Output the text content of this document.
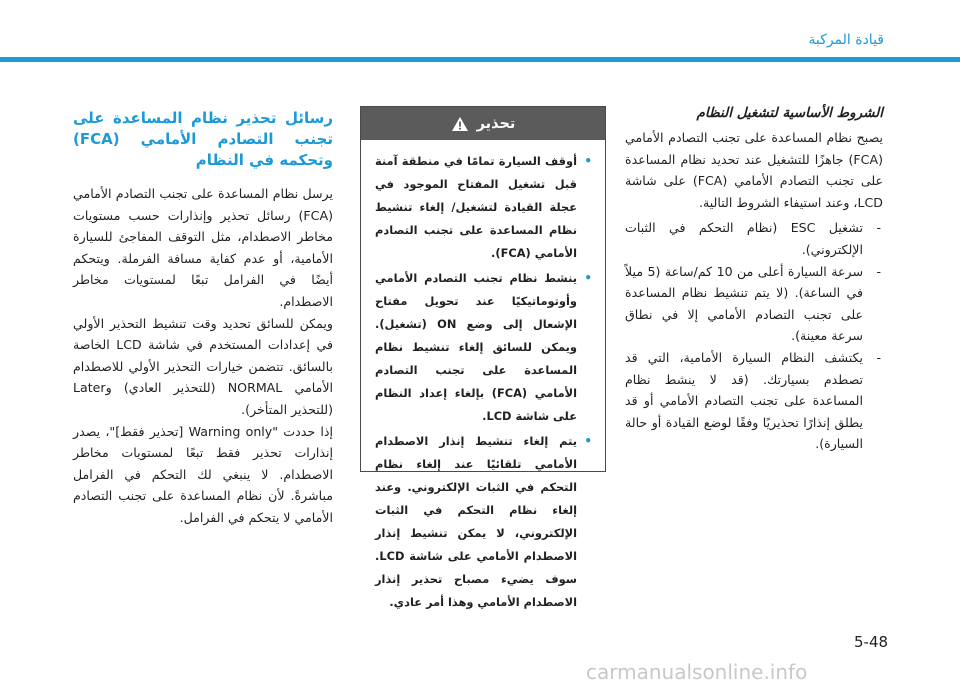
قيادة المركبة
الشروط الأساسية لتشغيل النظام

يصبح نظام المساعدة على تجنب التصادم الأمامي (FCA) جاهزًا للتشغيل عند تحديد نظام المساعدة على تجنب التصادم الأمامي (FCA) على شاشة LCD، وعند استيفاء الشروط التالية.

-
تشغيل ESC (نظام التحكم في الثبات الإلكتروني).
-
سرعة السيارة أعلى من 10 كم/ساعة (5 ميلاً في الساعة). (لا يتم تنشيط نظام المساعدة على تجنب التصادم الأمامي إلا في نطاق سرعة معينة).
-
يكتشف النظام السيارة الأمامية، التي قد تصطدم بسيارتك. (قد لا ينشط نظام المساعدة على تجنب التصادم الأمامي أو قد يطلق إنذارًا تحذيريًا وفقًا لوضع القيادة أو حالة السيارة).
تحذير
•
أوقف السيارة تمامًا في منطقة آمنة قبل تشغيل المفتاح الموجود في عجلة القيادة لتشغيل/ إلغاء تنشيط نظام المساعدة على تجنب التصادم الأمامي (FCA).
•
ينشط نظام تجنب التصادم الأمامي وأوتوماتيكيًا عند تحويل مفتاح الإشعال إلى وضع ON (تشغيل). ويمكن للسائق إلغاء تنشيط نظام المساعدة على تجنب التصادم الأمامي (FCA) بإلغاء إعداد النظام على شاشة LCD.
•
يتم إلغاء تنشيط إنذار الاصطدام الأمامي تلقائيًا عند إلغاء نظام التحكم في الثبات الإلكتروني. وعند إلغاء نظام التحكم في الثبات الإلكتروني، لا يمكن تنشيط إنذار الاصطدام الأمامي على شاشة LCD. سوف يضيء مصباح تحذير إنذار الاصطدام الأمامي وهذا أمر عادي.
رسائل تحذير نظام المساعدة على تجنب التصادم الأمامي (FCA) وتحكمه في النظام

يرسل نظام المساعدة على تجنب التصادم الأمامي (FCA) رسائل تحذير وإنذارات حسب مستويات مخاطر الاصطدام، مثل التوقف المفاجئ للسيارة الأمامية، أو عدم كفاية مسافة الفرملة. ويتحكم أيضًا في الفرامل تبعًا لمستويات مخاطر الاصطدام.

ويمكن للسائق تحديد وقت تنشيط التحذير الأولي في إعدادات المستخدم في شاشة LCD الخاصة بالسائق. تتضمن خيارات التحذير الأولي للاصطدام الأمامي NORMAL (للتحذير العادي) وLater (للتحذير المتأخر).

إذا حددت "Warning only [تحذير فقط]"، يصدر إنذارات تحذير فقط تبعًا لمستويات مخاطر الاصطدام. لا ينبغي لك التحكم في الفرامل مباشرةً. لأن نظام المساعدة على تجنب التصادم الأمامي لا يتحكم في الفرامل.

5-48
carmanualsonline.info
